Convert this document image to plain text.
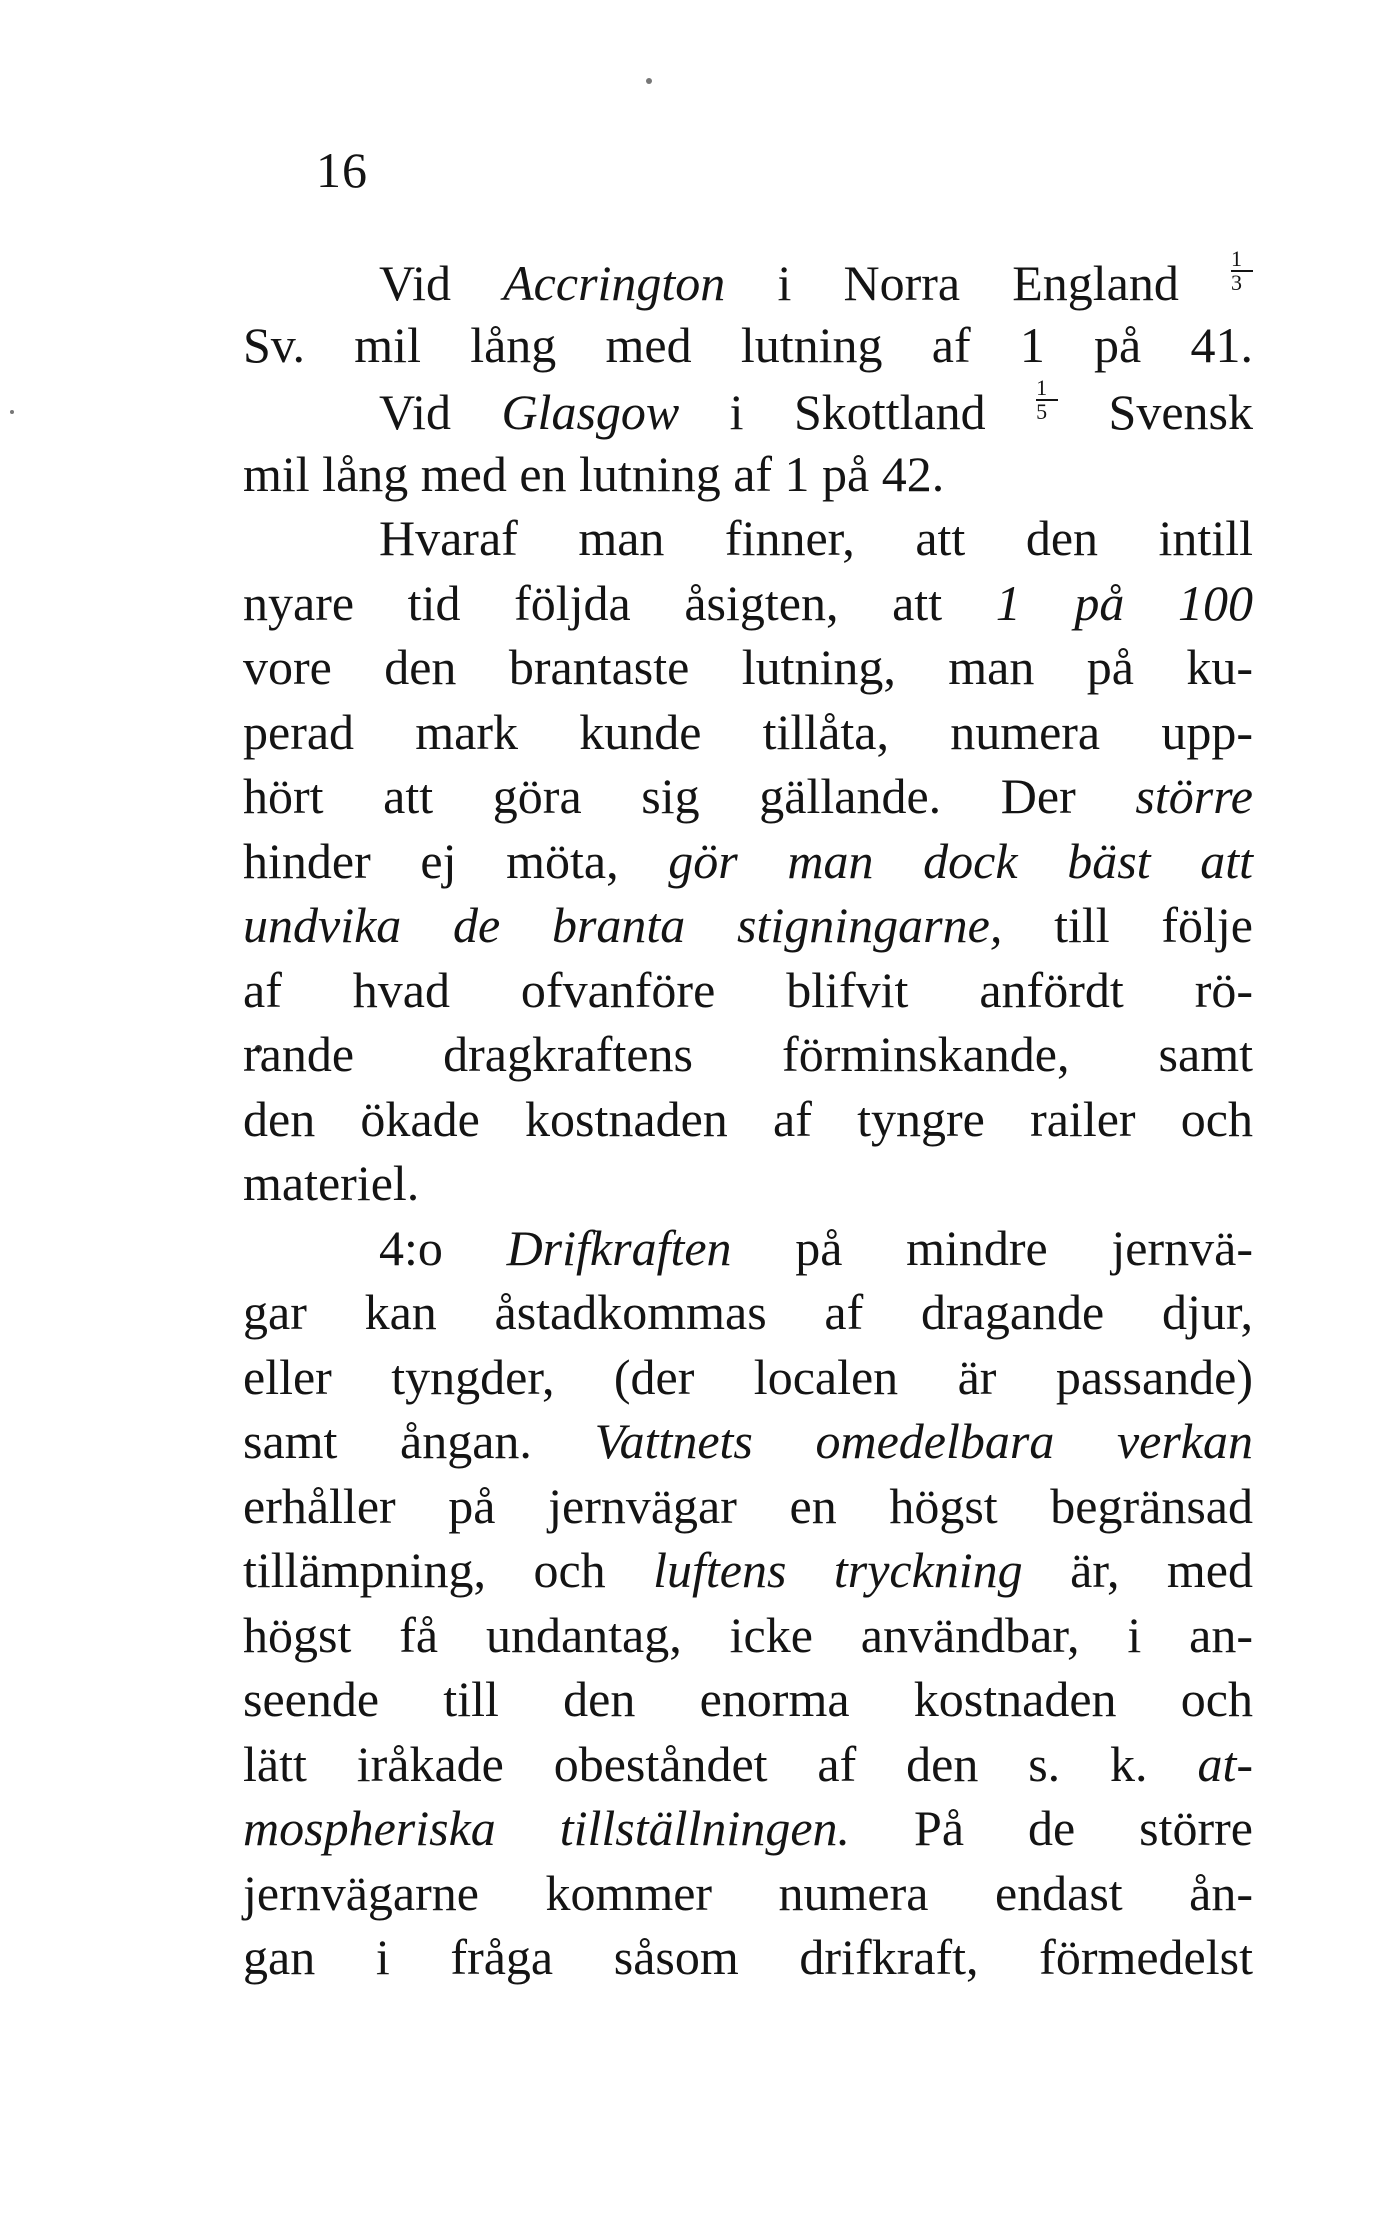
16
Vid Accrington i Norra England $\frac{1}{3}$
Sv. mil lång med lutning af 1 på 41.
Vid Glasgow i Skottland $\frac{1}{5}$ Svensk
mil lång med en lutning af 1 på 42.
Hvaraf man finner, att den intill
nyare tid följda åsigten, att 1 på 100
vore den brantaste lutning, man på ku-
perad mark kunde tillåta, numera upp-
hört att göra sig gällande. Der större
hinder ej möta, gör man dock bäst att
undvika de branta stigningarne, till följe
af hvad ofvanföre blifvit anfördt rö-
rande dragkraftens förminskande, samt
den ökade kostnaden af tyngre railer och
materiel.
4:o Drifkraften på mindre jernvä-
gar kan åstadkommas af dragande djur,
eller tyngder, (der localen är passande)
samt ångan. Vattnets omedelbara verkan
erhåller på jernvägar en högst begränsad
tillämpning, och luftens tryckning är, med
högst få undantag, icke användbar, i an-
seende till den enorma kostnaden och
lätt iråkade obeståndet af den s. k. at-
mospheriska tillställningen. På de större
jernvägarne kommer numera endast ån-
gan i fråga såsom drifkraft, förmedelst
